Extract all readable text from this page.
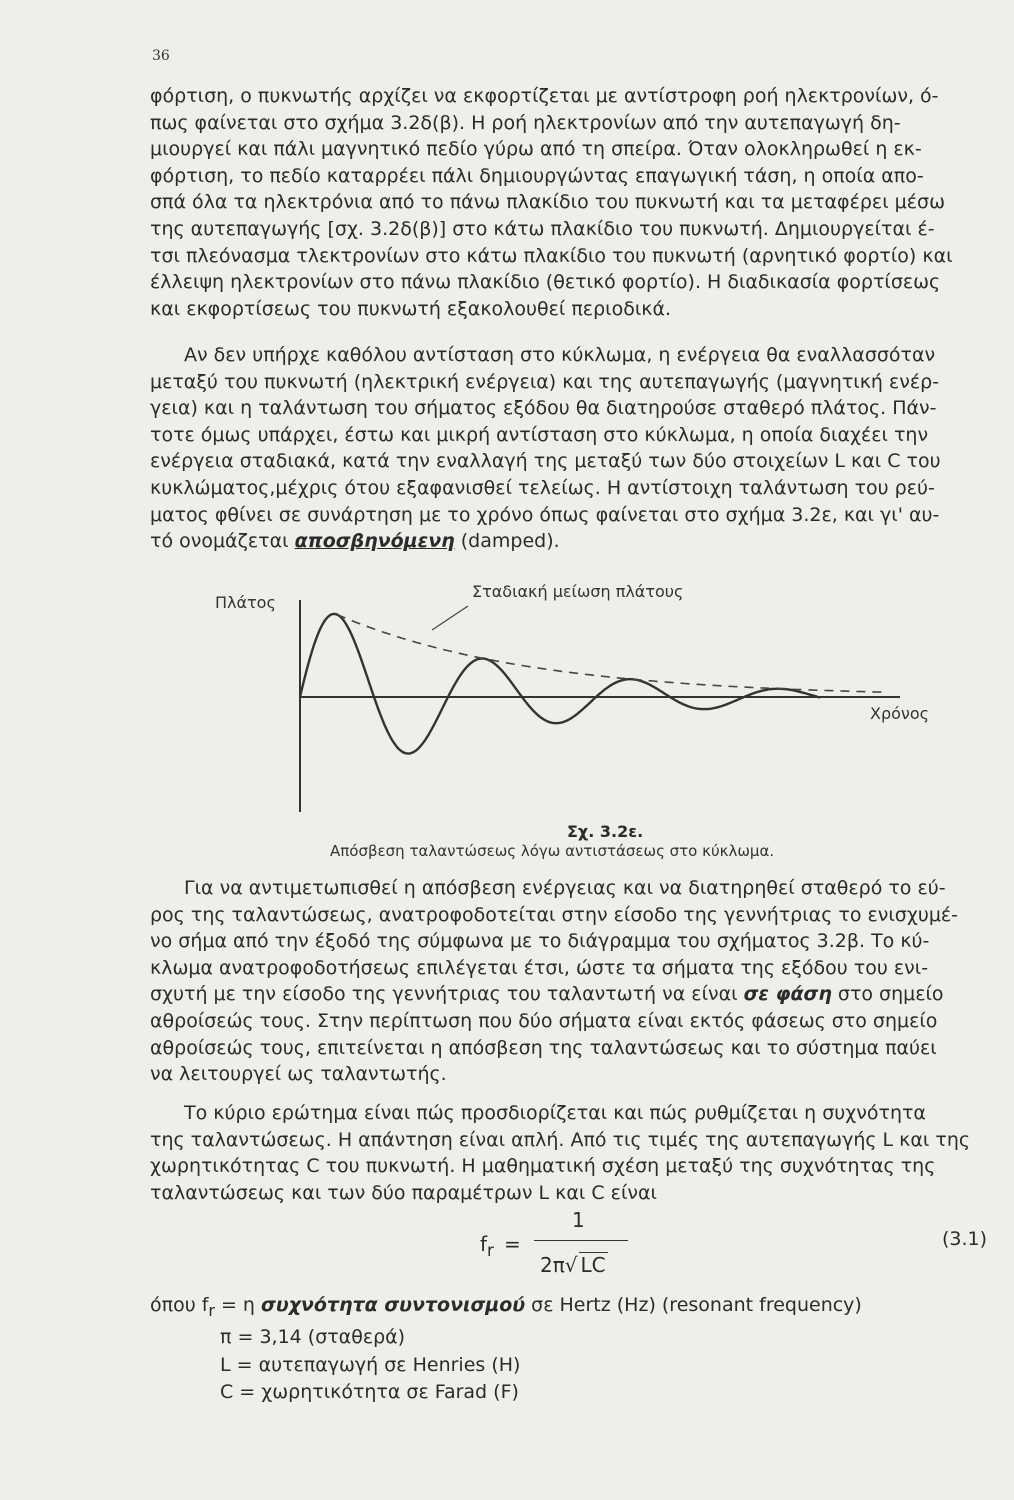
36

φόρτιση, ο πυκνωτής αρχίζει να εκφορτίζεται με αντίστροφη ροή ηλεκτρονίων, ό-
πως φαίνεται στο σχήμα 3.2δ(β). Η ροή ηλεκτρονίων από την αυτεπαγωγή δη-
μιουργεί και πάλι μαγνητικό πεδίο γύρω από τη σπείρα. Όταν ολοκληρωθεί η εκ-
φόρτιση, το πεδίο καταρρέει πάλι δημιουργώντας επαγωγική τάση, η οποία απο-
σπά όλα τα ηλεκτρόνια από το πάνω πλακίδιο του πυκνωτή και τα μεταφέρει μέσω
της αυτεπαγωγής [σχ. 3.2δ(β)] στο κάτω πλακίδιο του πυκνωτή. Δημιουργείται έ-
τσι πλεόνασμα τλεκτρονίων στο κάτω πλακίδιο του πυκνωτή (αρνητικό φορτίο) και
έλλειψη ηλεκτρονίων στο πάνω πλακίδιο (θετικό φορτίο). Η διαδικασία φορτίσεως
και εκφορτίσεως του πυκνωτή εξακολουθεί περιοδικά.

Αν δεν υπήρχε καθόλου αντίσταση στο κύκλωμα, η ενέργεια θα εναλλασσόταν
μεταξύ του πυκνωτή (ηλεκτρική ενέργεια) και της αυτεπαγωγής (μαγνητική ενέρ-
γεια) και η ταλάντωση του σήματος εξόδου θα διατηρούσε σταθερό πλάτος. Πάν-
τοτε όμως υπάρχει, έστω και μικρή αντίσταση στο κύκλωμα, η οποία διαχέει την
ενέργεια σταδιακά, κατά την εναλλαγή της μεταξύ των δύο στοιχείων L και C του
κυκλώματος,μέχρις ότου εξαφανισθεί τελείως. Η αντίστοιχη ταλάντωση του ρεύ-
ματος φθίνει σε συνάρτηση με το χρόνο όπως φαίνεται στο σχήμα 3.2ε, και γι' αυ-
τό ονομάζεται αποσβηνόμενη (damped).

Πλάτος
Σταδιακή μείωση πλάτους
Χρόνος
Σχ. 3.2ε.
Απόσβεση ταλαντώσεως λόγω αντιστάσεως στο κύκλωμα.

Για να αντιμετωπισθεί η απόσβεση ενέργειας και να διατηρηθεί σταθερό το εύ-
ρος της ταλαντώσεως, ανατροφοδοτείται στην είσοδο της γεννήτριας το ενισχυμέ-
νο σήμα από την έξοδό της σύμφωνα με το διάγραμμα του σχήματος 3.2β. Το κύ-
κλωμα ανατροφοδοτήσεως επιλέγεται έτσι, ώστε τα σήματα της εξόδου του ενι-
σχυτή με την είσοδο της γεννήτριας του ταλαντωτή να είναι σε φάση στο σημείο
αθροίσεώς τους. Στην περίπτωση που δύο σήματα είναι εκτός φάσεως στο σημείο
αθροίσεώς τους, επιτείνεται η απόσβεση της ταλαντώσεως και το σύστημα παύει
να λειτουργεί ως ταλαντωτής.

Το κύριο ερώτημα είναι πώς προσδιορίζεται και πώς ρυθμίζεται η συχνότητα
της ταλαντώσεως. Η απάντηση είναι απλή. Από τις τιμές της αυτεπαγωγής L και της
χωρητικότητας C του πυκνωτή. Η μαθηματική σχέση μεταξύ της συχνότητας της
ταλαντώσεως και των δύο παραμέτρων L και C είναι

$f_r$ =
1
2π√ LC
(3.1)
όπου $f_r = \eta$ συχνότητα συντονισμού σε Hertz (Hz) (resonant frequency)
π = 3,14 (σταθερά)
L = αυτεπαγωγή σε Henries (H)
C = χωρητικότητα σε Farad (F)
